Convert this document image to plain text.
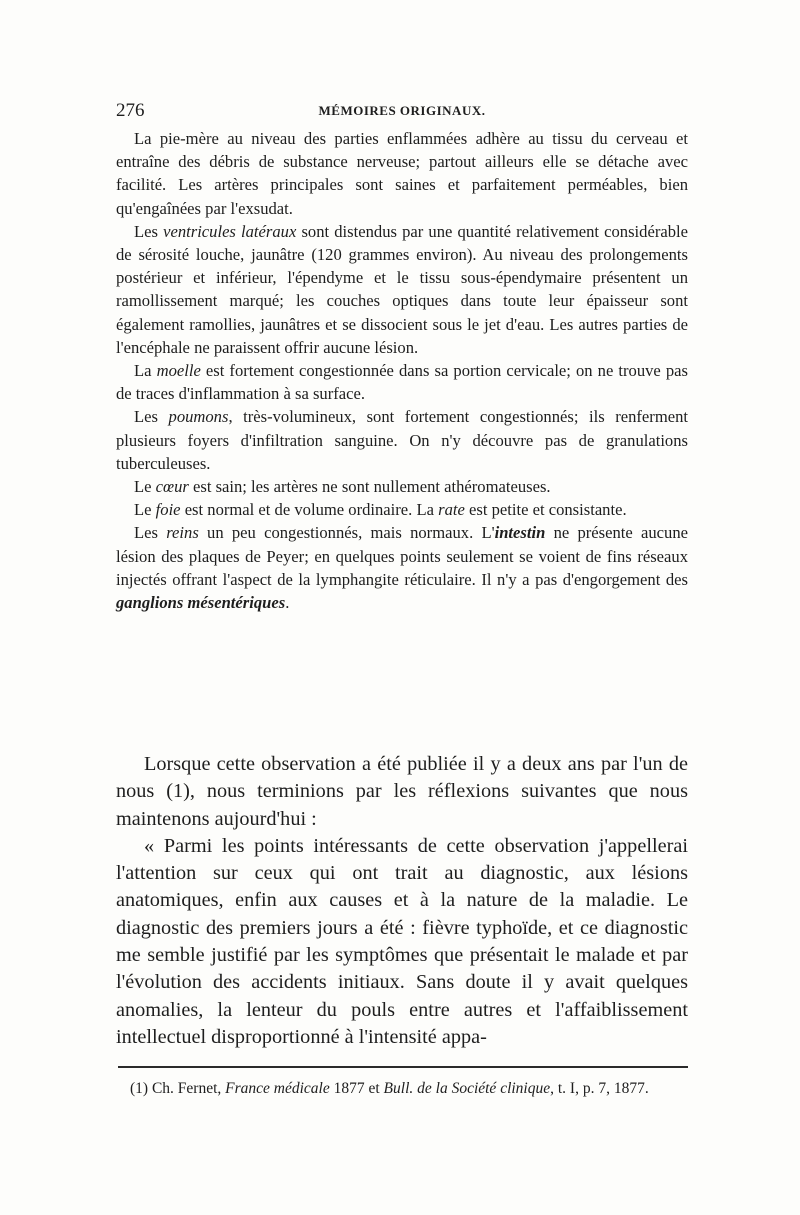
276	MÉMOIRES ORIGINAUX.

La pie-mère au niveau des parties enflammées adhère au tissu du cerveau et entraîne des débris de substance nerveuse; partout ailleurs elle se détache avec facilité. Les artères principales sont saines et parfaitement perméables, bien qu'engaînées par l'exsudat.

Les ventricules latéraux sont distendus par une quantité relativement considérable de sérosité louche, jaunâtre (120 grammes environ). Au niveau des prolongements postérieur et inférieur, l'épendyme et le tissu sous-épendymaire présentent un ramollissement marqué; les couches optiques dans toute leur épaisseur sont également ramollies, jaunâtres et se dissocient sous le jet d'eau. Les autres parties de l'encéphale ne paraissent offrir aucune lésion.

La moelle est fortement congestionnée dans sa portion cervicale; on ne trouve pas de traces d'inflammation à sa surface.

Les poumons, très-volumineux, sont fortement congestionnés; ils renferment plusieurs foyers d'infiltration sanguine. On n'y découvre pas de granulations tuberculeuses.

Le cœur est sain; les artères ne sont nullement athéromateuses.

Le foie est normal et de volume ordinaire. La rate est petite et consistante.

Les reins un peu congestionnés, mais normaux. L'intestin ne présente aucune lésion des plaques de Peyer; en quelques points seulement se voient de fins réseaux injectés offrant l'aspect de la lymphangite réticulaire. Il n'y a pas d'engorgement des ganglions mésentériques.

Lorsque cette observation a été publiée il y a deux ans par l'un de nous (1), nous terminions par les réflexions suivantes que nous maintenons aujourd'hui :

« Parmi les points intéressants de cette observation j'appellerai l'attention sur ceux qui ont trait au diagnostic, aux lésions anatomiques, enfin aux causes et à la nature de la maladie. Le diagnostic des premiers jours a été : fièvre typhoïde, et ce diagnostic me semble justifié par les symptômes que présentait le malade et par l'évolution des accidents initiaux. Sans doute il y avait quelques anomalies, la lenteur du pouls entre autres et l'affaiblissement intellectuel disproportionné à l'intensité appa-

(1) Ch. Fernet, France médicale 1877 et Bull. de la Société clinique, t. I, p. 7, 1877.
